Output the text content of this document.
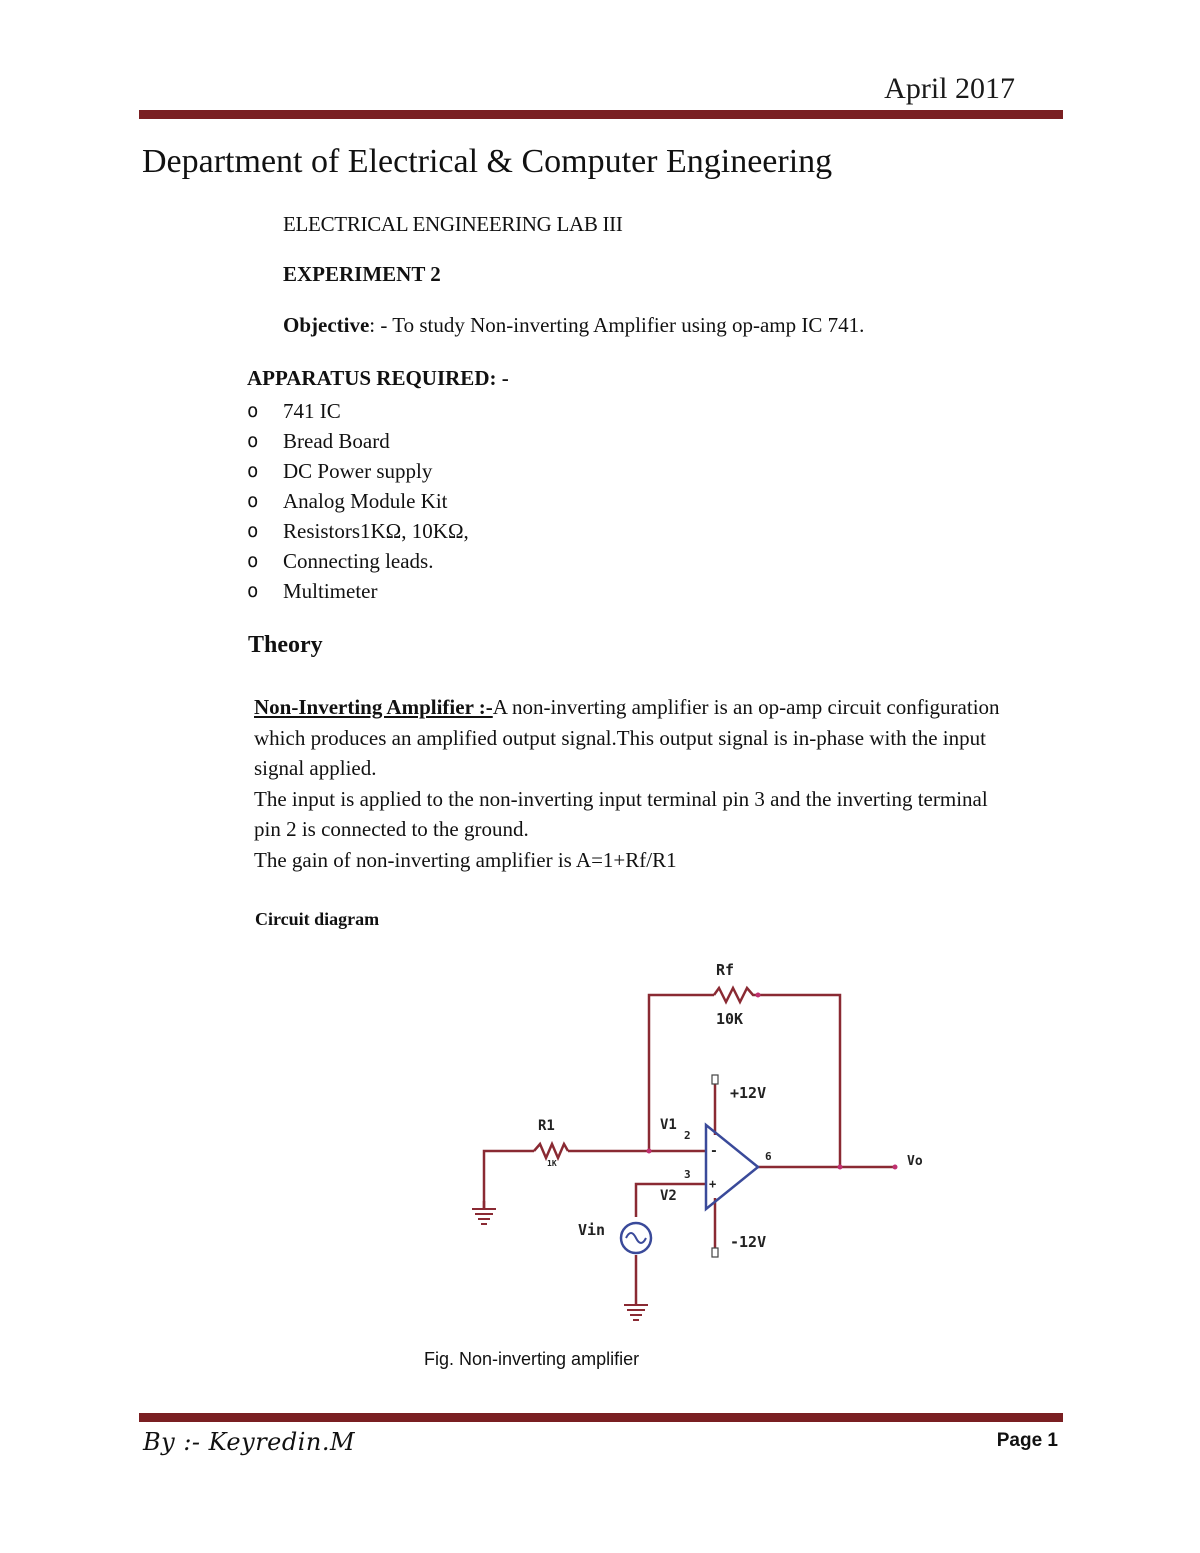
April 2017
Department of Electrical & Computer Engineering
ELECTRICAL ENGINEERING LAB III
EXPERIMENT 2
Objective: - To study Non-inverting Amplifier using op-amp IC 741.
APPARATUS REQUIRED: -
o	741 IC
o	Bread Board
o	DC Power supply
o	Analog Module Kit
o	Resistors1KΩ, 10KΩ,
o	Connecting leads.
o	Multimeter
Theory
Non-Inverting Amplifier :-A non-inverting amplifier is an op-amp circuit configuration which produces an amplified output signal.This output signal is in-phase with the input signal applied.
The input is applied to the non-inverting input terminal pin 3 and the inverting terminal pin 2 is connected to the ground.
The gain of non-inverting amplifier is A=1+Rf/R1
Circuit diagram
-
+
Rf
10K
R1
1K
V1
V2
2
3
6
+12V
-12V
Vin
Vo
Fig. Non-inverting amplifier
By :- Keyredin.M	Page 1
